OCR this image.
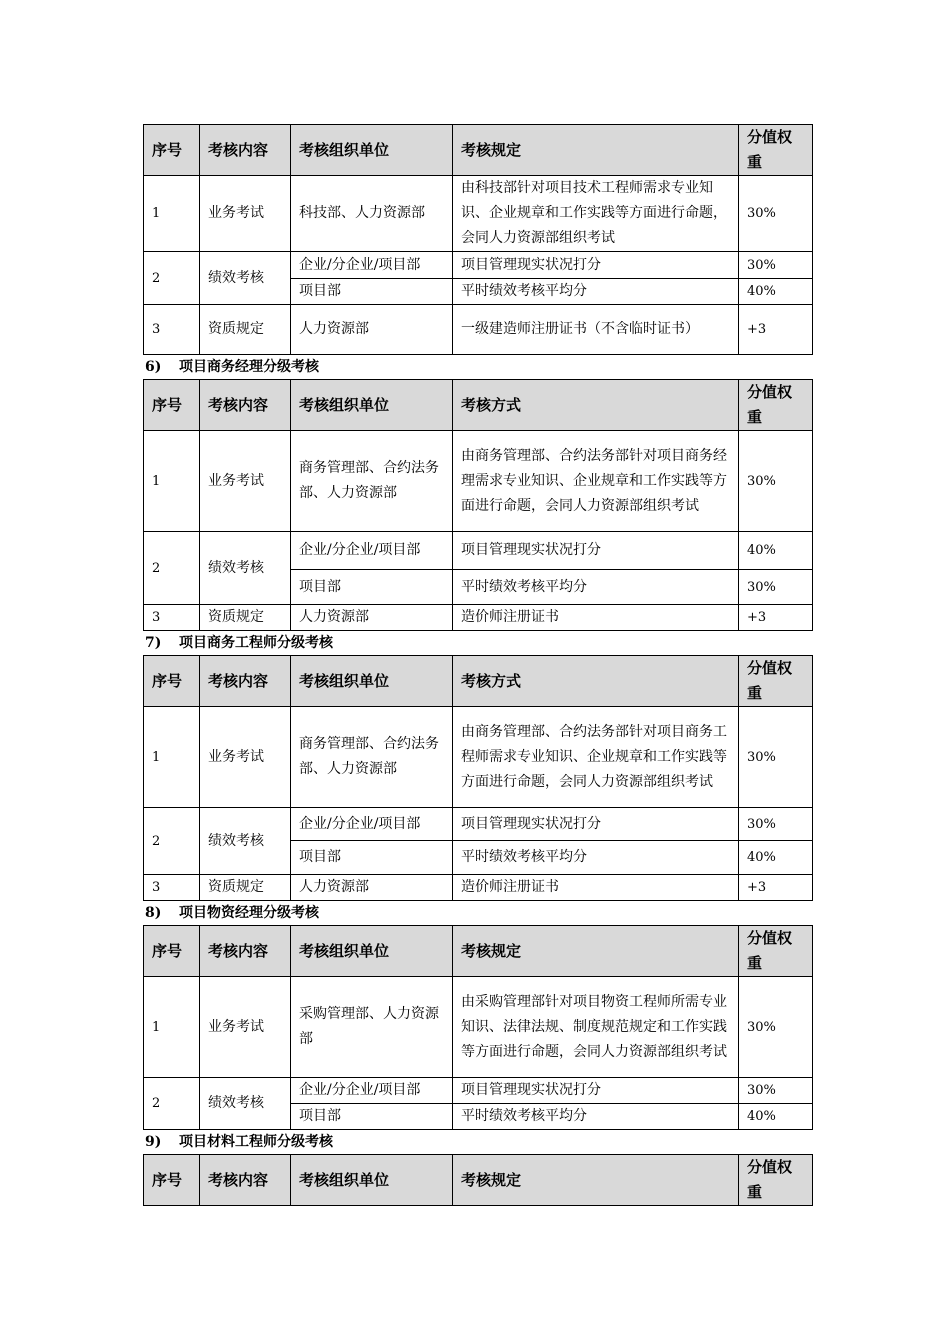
序号	考核内容	考核组织单位	考核规定	分值权重
1	业务考试	科技部、人力资源部	由科技部针对项目技术工程师需求专业知识、企业规章和工作实践等方面进行命题，会同人力资源部组织考试	30%
2	绩效考核	企业/分企业/项目部	项目管理现实状况打分	30%
		项目部	平时绩效考核平均分	40%
3	资质规定	人力资源部	一级建造师注册证书（不含临时证书）	+3
6) 项目商务经理分级考核
序号	考核内容	考核组织单位	考核方式	分值权重
1	业务考试	商务管理部、合约法务部、人力资源部	由商务管理部、合约法务部针对项目商务经理需求专业知识、企业规章和工作实践等方面进行命题，会同人力资源部组织考试	30%
2	绩效考核	企业/分企业/项目部	项目管理现实状况打分	40%
		项目部	平时绩效考核平均分	30%
3	资质规定	人力资源部	造价师注册证书	+3
7) 项目商务工程师分级考核
序号	考核内容	考核组织单位	考核方式	分值权重
1	业务考试	商务管理部、合约法务部、人力资源部	由商务管理部、合约法务部针对项目商务工程师需求专业知识、企业规章和工作实践等方面进行命题，会同人力资源部组织考试	30%
2	绩效考核	企业/分企业/项目部	项目管理现实状况打分	30%
		项目部	平时绩效考核平均分	40%
3	资质规定	人力资源部	造价师注册证书	+3
8) 项目物资经理分级考核
序号	考核内容	考核组织单位	考核规定	分值权重
1	业务考试	采购管理部、人力资源部	由采购管理部针对项目物资工程师所需专业知识、法律法规、制度规范规定和工作实践等方面进行命题，会同人力资源部组织考试	30%
2	绩效考核	企业/分企业/项目部	项目管理现实状况打分	30%
		项目部	平时绩效考核平均分	40%
9) 项目材料工程师分级考核
序号	考核内容	考核组织单位	考核规定	分值权重
